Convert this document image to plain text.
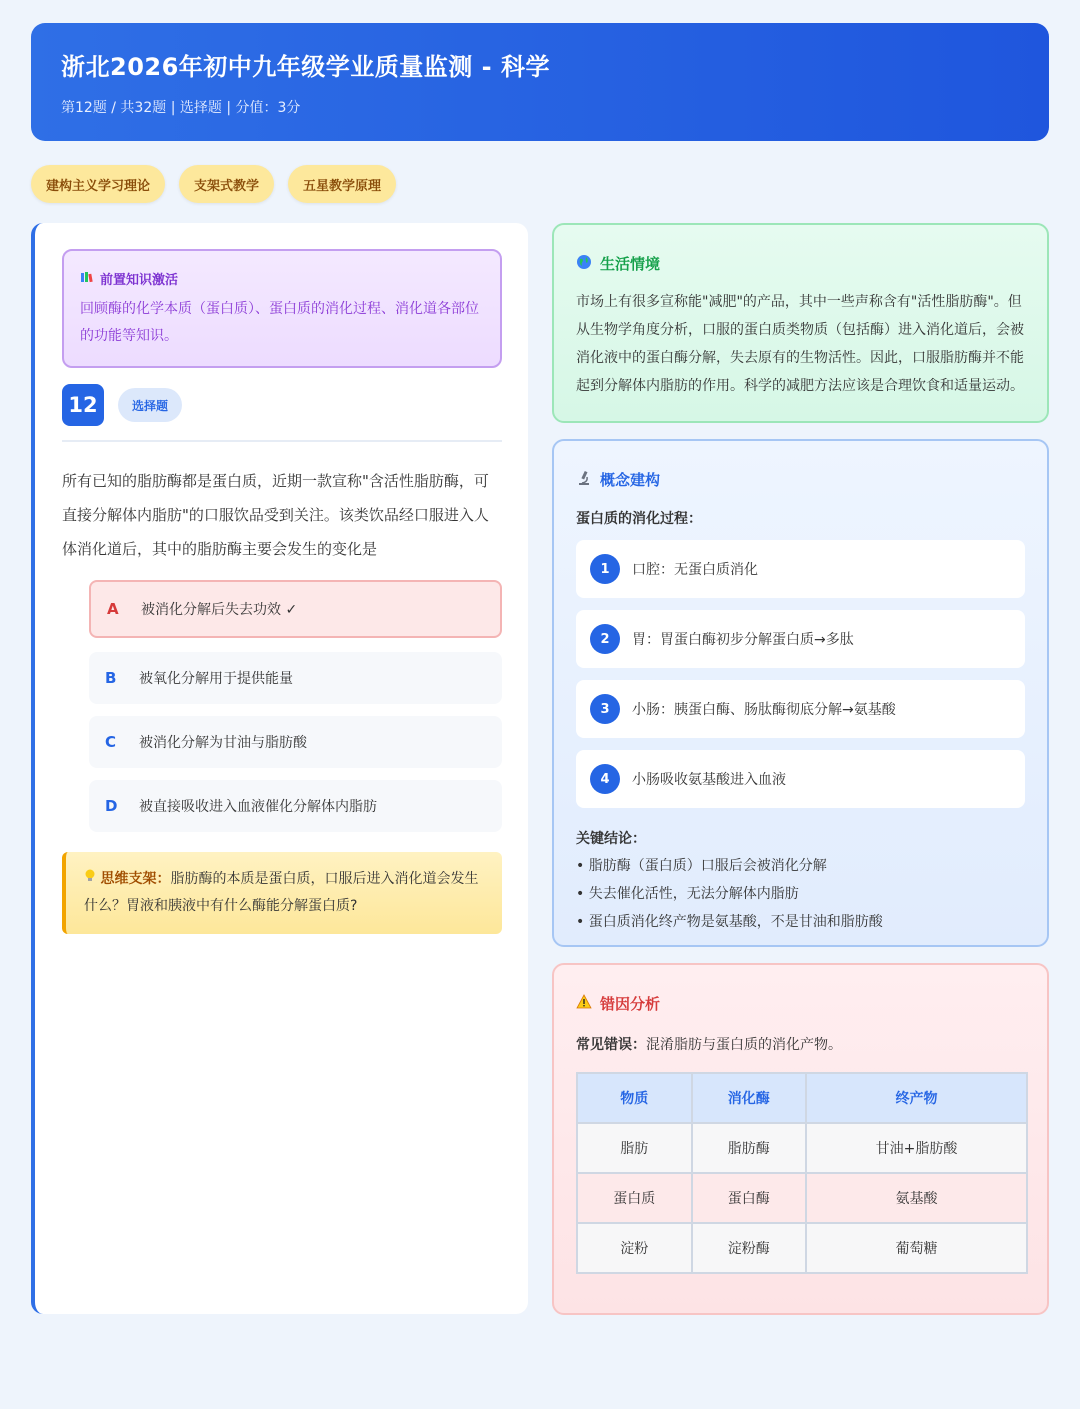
浙北2026年初中九年级学业质量监测 - 科学
第12题 / 共32题 | 选择题 | 分值：3分
建构主义学习理论	支架式教学	五星教学原理
前置知识激活
回顾酶的化学本质（蛋白质）、蛋白质的消化过程、消化道各部位的功能等知识。
12	选择题
所有已知的脂肪酶都是蛋白质，近期一款宣称"含活性脂肪酶，可直接分解体内脂肪"的口服饮品受到关注。该类饮品经口服进入人体消化道后，其中的脂肪酶主要会发生的变化是
A	被消化分解后失去功效 ✓
B	被氧化分解用于提供能量
C	被消化分解为甘油与脂肪酸
D	被直接吸收进入血液催化分解体内脂肪
思维支架：脂肪酶的本质是蛋白质，口服后进入消化道会发生什么？胃液和胰液中有什么酶能分解蛋白质?
生活情境
市场上有很多宣称能"减肥"的产品，其中一些声称含有"活性脂肪酶"。但从生物学角度分析，口服的蛋白质类物质（包括酶）进入消化道后，会被消化液中的蛋白酶分解，失去原有的生物活性。因此，口服脂肪酶并不能起到分解体内脂肪的作用。科学的减肥方法应该是合理饮食和适量运动。
概念建构
蛋白质的消化过程：
1	口腔：无蛋白质消化
2	胃：胃蛋白酶初步分解蛋白质→多肽
3	小肠：胰蛋白酶、肠肽酶彻底分解→氨基酸
4	小肠吸收氨基酸进入血液
关键结论：
• 脂肪酶（蛋白质）口服后会被消化分解
• 失去催化活性，无法分解体内脂肪
• 蛋白质消化终产物是氨基酸，不是甘油和脂肪酸
错因分析
常见错误：混淆脂肪与蛋白质的消化产物。
物质	消化酶	终产物
脂肪	脂肪酶	甘油+脂肪酸
蛋白质	蛋白酶	氨基酸
淀粉	淀粉酶	葡萄糖
